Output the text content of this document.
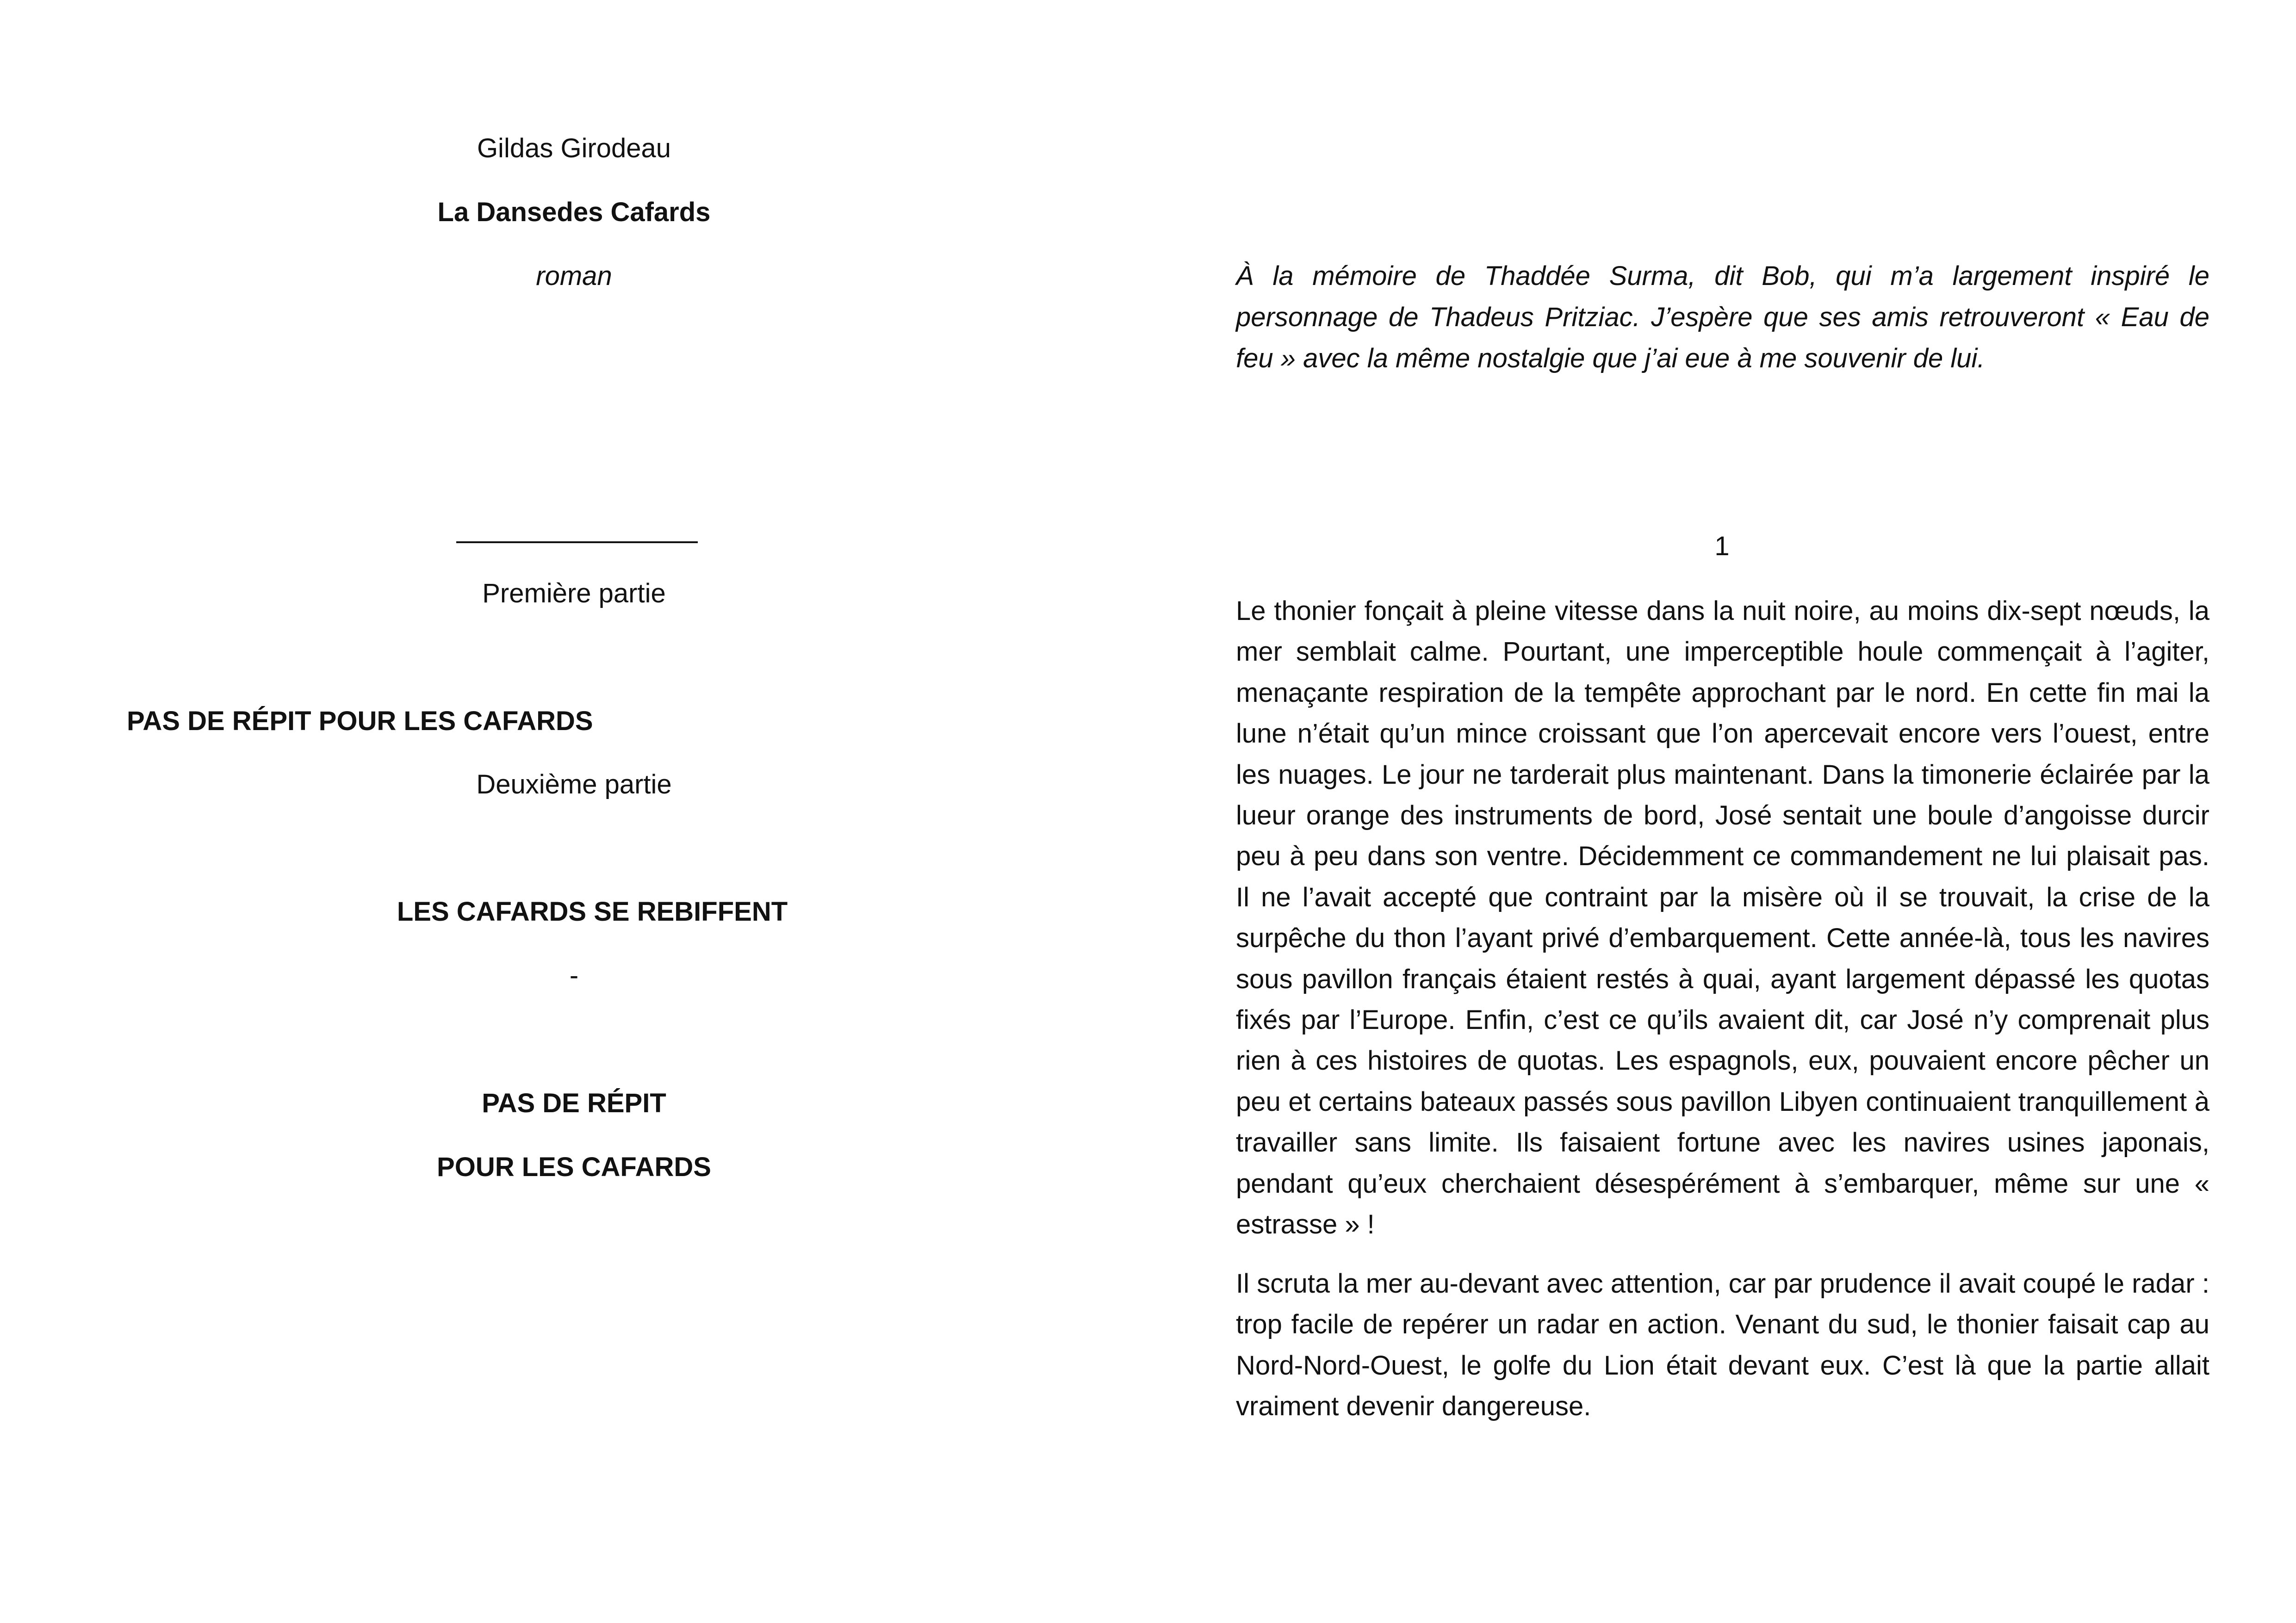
Gildas Girodeau
La Dansedes Cafards
roman
Première partie
PAS DE RÉPIT POUR LES CAFARDS
Deuxième partie
LES CAFARDS SE REBIFFENT
-
PAS DE RÉPIT
POUR LES CAFARDS
À la mémoire de Thaddée Surma, dit Bob, qui m’a largement inspiré le personnage de Thadeus Pritziac. J’espère que ses amis retrouveront « Eau de feu » avec la même nostalgie que j’ai eue à me souvenir de lui.
1

Le thonier fonçait à pleine vitesse dans la nuit noire, au moins dix-sept nœuds, la mer semblait calme. Pourtant, une imperceptible houle commençait à l’agiter, menaçante respiration de la tempête approchant par le nord. En cette fin mai la lune n’était qu’un mince croissant que l’on apercevait encore vers l’ouest, entre les nuages. Le jour ne tarderait plus maintenant. Dans la timonerie éclairée par la lueur orange des instruments de bord, José sentait une boule d’angoisse durcir peu à peu dans son ventre. Décidemment ce commandement ne lui plaisait pas. Il ne l’avait accepté que contraint par la misère où il se trouvait, la crise de la surpêche du thon l’ayant privé d’embarquement. Cette année-là, tous les navires sous pavillon français étaient restés à quai, ayant largement dépassé les quotas fixés par l’Europe. Enfin, c’est ce qu’ils avaient dit, car José n’y comprenait plus rien à ces histoires de quotas. Les espagnols, eux, pouvaient encore pêcher un peu et certains bateaux passés sous pavillon Libyen continuaient tranquillement à travailler sans limite. Ils faisaient fortune avec les navires usines japonais, pendant qu’eux cherchaient désespérément à s’embarquer, même sur une « estrasse » !

Il scruta la mer au-devant avec attention, car par prudence il avait coupé le radar : trop facile de repérer un radar en action. Venant du sud, le thonier faisait cap au Nord-Nord-Ouest, le golfe du Lion était devant eux. C’est là que la partie allait vraiment devenir dangereuse.
